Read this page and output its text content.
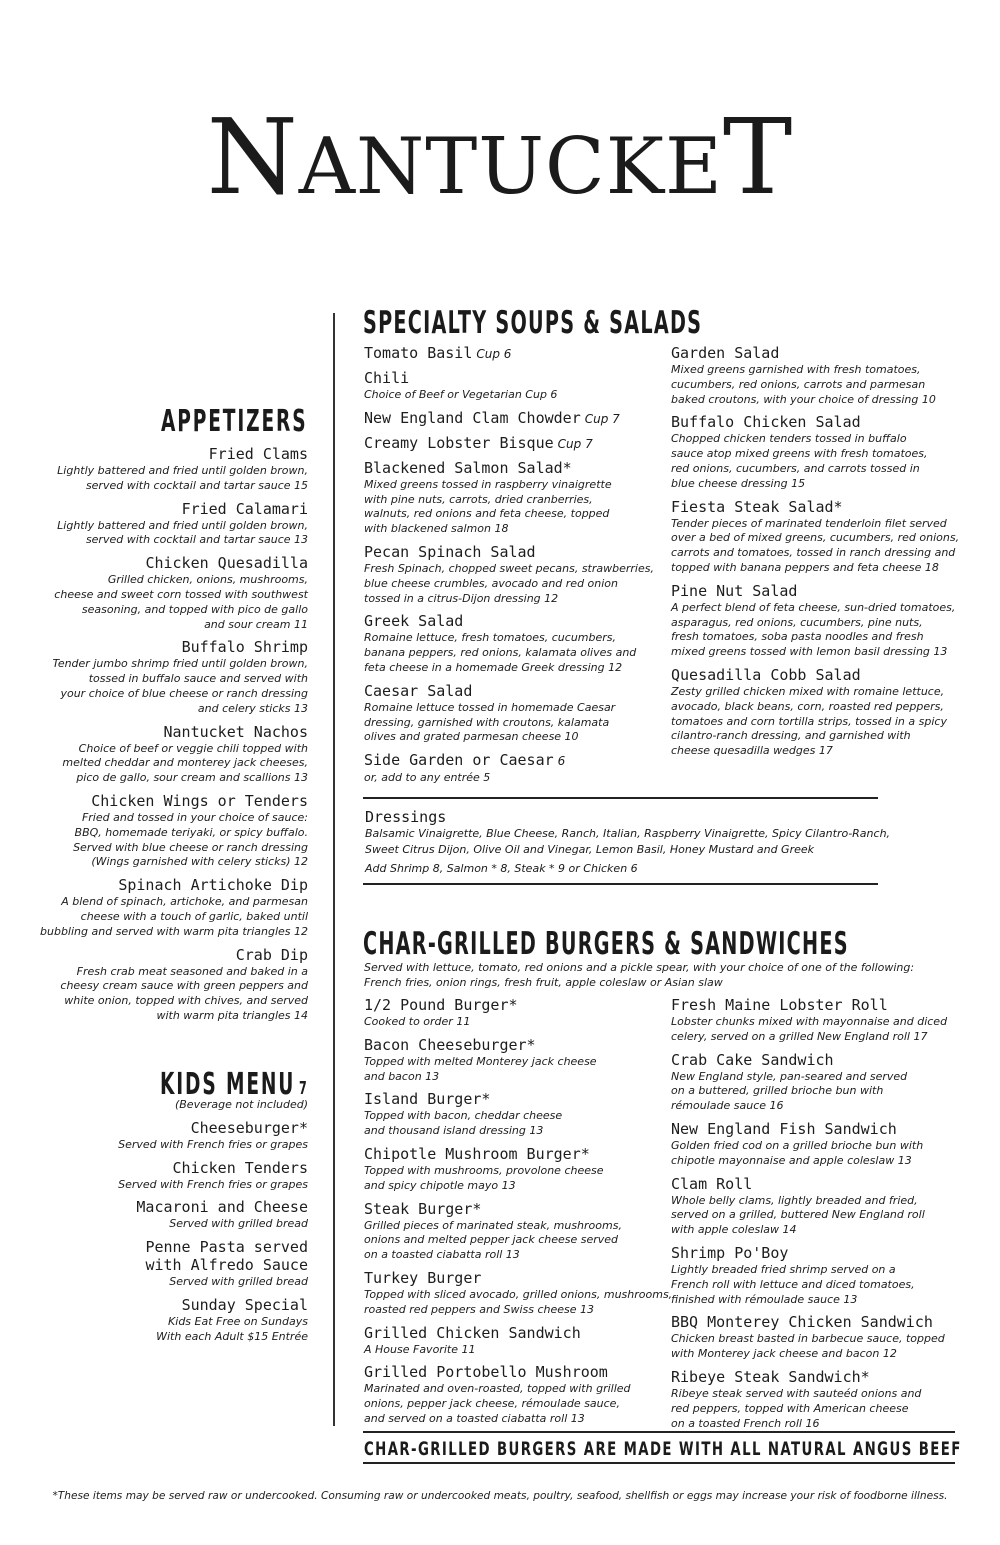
NANTUCKET
APPETIZERS
Fried Clams
Lightly battered and fried until golden brown,
served with cocktail and tartar sauce 15
Fried Calamari
Lightly battered and fried until golden brown,
served with cocktail and tartar sauce 13
Chicken Quesadilla
Grilled chicken, onions, mushrooms,
cheese and sweet corn tossed with southwest
seasoning, and topped with pico de gallo
and sour cream 11
Buffalo Shrimp
Tender jumbo shrimp fried until golden brown,
tossed in buffalo sauce and served with
your choice of blue cheese or ranch dressing
and celery sticks 13
Nantucket Nachos
Choice of beef or veggie chili topped with
melted cheddar and monterey jack cheeses,
pico de gallo, sour cream and scallions 13
Chicken Wings or Tenders
Fried and tossed in your choice of sauce:
BBQ, homemade teriyaki, or spicy buffalo.
Served with blue cheese or ranch dressing
(Wings garnished with celery sticks) 12
Spinach Artichoke Dip
A blend of spinach, artichoke, and parmesan
cheese with a touch of garlic, baked until
bubbling and served with warm pita triangles 12
Crab Dip
Fresh crab meat seasoned and baked in a
cheesy cream sauce with green peppers and
white onion, topped with chives, and served
with warm pita triangles 14
KIDS MENU 7
(Beverage not included)
Cheeseburger*
Served with French fries or grapes
Chicken Tenders
Served with French fries or grapes
Macaroni and Cheese
Served with grilled bread
Penne Pasta served
with Alfredo Sauce
Served with grilled bread
Sunday Special
Kids Eat Free on Sundays
With each Adult $15 Entrée
SPECIALTY SOUPS & SALADS
Tomato Basil Cup 6
Chili
Choice of Beef or Vegetarian Cup 6
New England Clam Chowder Cup 7
Creamy Lobster Bisque Cup 7
Blackened Salmon Salad*
Mixed greens tossed in raspberry vinaigrette
with pine nuts, carrots, dried cranberries,
walnuts, red onions and feta cheese, topped
with blackened salmon 18
Pecan Spinach Salad
Fresh Spinach, chopped sweet pecans, strawberries,
blue cheese crumbles, avocado and red onion
tossed in a citrus-Dijon dressing 12
Greek Salad
Romaine lettuce, fresh tomatoes, cucumbers,
banana peppers, red onions, kalamata olives and
feta cheese in a homemade Greek dressing 12
Caesar Salad
Romaine lettuce tossed in homemade Caesar
dressing, garnished with croutons, kalamata
olives and grated parmesan cheese 10
Side Garden or Caesar 6
or, add to any entrée 5
Garden Salad
Mixed greens garnished with fresh tomatoes,
cucumbers, red onions, carrots and parmesan
baked croutons, with your choice of dressing 10
Buffalo Chicken Salad
Chopped chicken tenders tossed in buffalo
sauce atop mixed greens with fresh tomatoes,
red onions, cucumbers, and carrots tossed in
blue cheese dressing 15
Fiesta Steak Salad*
Tender pieces of marinated tenderloin filet served
over a bed of mixed greens, cucumbers, red onions,
carrots and tomatoes, tossed in ranch dressing and
topped with banana peppers and feta cheese 18
Pine Nut Salad
A perfect blend of feta cheese, sun-dried tomatoes,
asparagus, red onions, cucumbers, pine nuts,
fresh tomatoes, soba pasta noodles and fresh
mixed greens tossed with lemon basil dressing 13
Quesadilla Cobb Salad
Zesty grilled chicken mixed with romaine lettuce,
avocado, black beans, corn, roasted red peppers,
tomatoes and corn tortilla strips, tossed in a spicy
cilantro-ranch dressing, and garnished with
cheese quesadilla wedges 17
Dressings
Balsamic Vinaigrette, Blue Cheese, Ranch, Italian, Raspberry Vinaigrette, Spicy Cilantro-Ranch,
Sweet Citrus Dijon, Olive Oil and Vinegar, Lemon Basil, Honey Mustard and Greek
Add Shrimp 8, Salmon * 8, Steak * 9 or Chicken 6
CHAR-GRILLED BURGERS & SANDWICHES
Served with lettuce, tomato, red onions and a pickle spear, with your choice of one of the following:
French fries, onion rings, fresh fruit, apple coleslaw or Asian slaw
1/2 Pound Burger*
Cooked to order 11
Bacon Cheeseburger*
Topped with melted Monterey jack cheese
and bacon 13
Island Burger*
Topped with bacon, cheddar cheese
and thousand island dressing 13
Chipotle Mushroom Burger*
Topped with mushrooms, provolone cheese
and spicy chipotle mayo 13
Steak Burger*
Grilled pieces of marinated steak, mushrooms,
onions and melted pepper jack cheese served
on a toasted ciabatta roll 13
Turkey Burger
Topped with sliced avocado, grilled onions, mushrooms,
roasted red peppers and Swiss cheese 13
Grilled Chicken Sandwich
A House Favorite 11
Grilled Portobello Mushroom
Marinated and oven-roasted, topped with grilled
onions, pepper jack cheese, rémoulade sauce,
and served on a toasted ciabatta roll 13
Fresh Maine Lobster Roll
Lobster chunks mixed with mayonnaise and diced
celery, served on a grilled New England roll 17
Crab Cake Sandwich
New England style, pan-seared and served
on a buttered, grilled brioche bun with
rémoulade sauce 16
New England Fish Sandwich
Golden fried cod on a grilled brioche bun with
chipotle mayonnaise and apple coleslaw 13
Clam Roll
Whole belly clams, lightly breaded and fried,
served on a grilled, buttered New England roll
with apple coleslaw 14
Shrimp Po'Boy
Lightly breaded fried shrimp served on a
French roll with lettuce and diced tomatoes,
finished with rémoulade sauce 13
BBQ Monterey Chicken Sandwich
Chicken breast basted in barbecue sauce, topped
with Monterey jack cheese and bacon 12
Ribeye Steak Sandwich*
Ribeye steak served with sauteéd onions and
red peppers, topped with American cheese
on a toasted French roll 16
CHAR-GRILLED BURGERS ARE MADE WITH ALL NATURAL ANGUS BEEF
*These items may be served raw or undercooked. Consuming raw or undercooked meats, poultry, seafood, shellfish or eggs may increase your risk of foodborne illness.
